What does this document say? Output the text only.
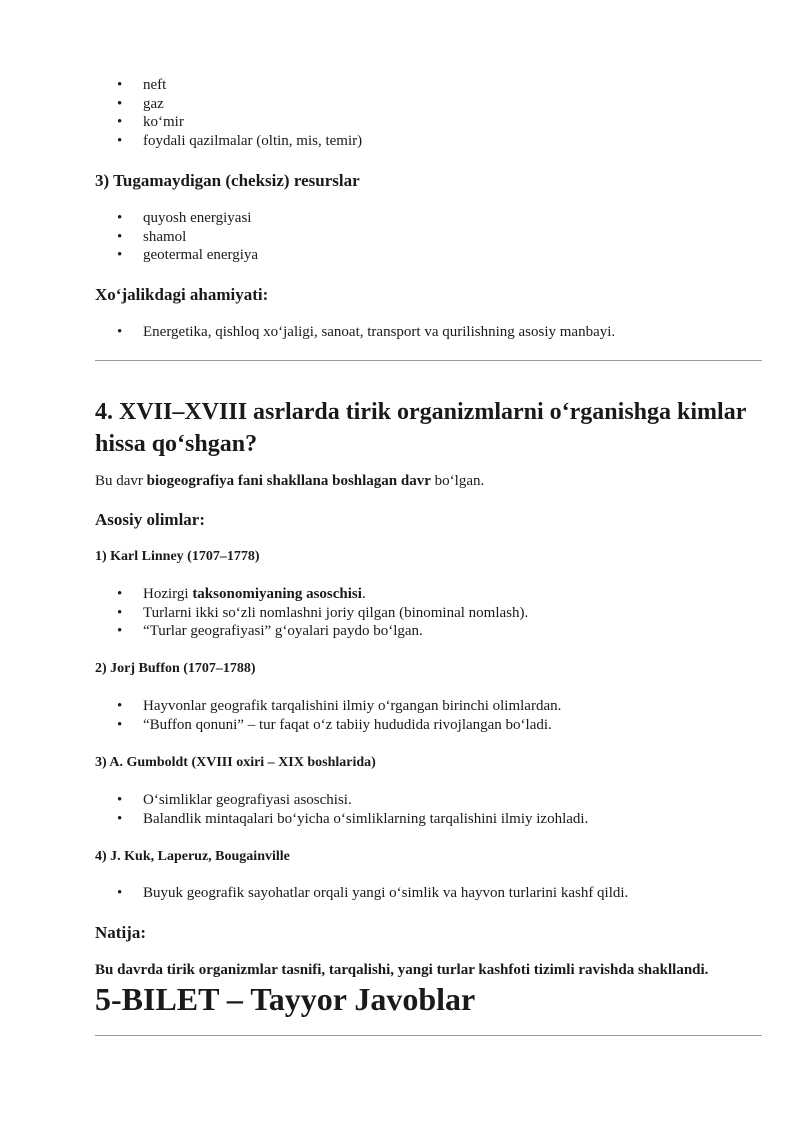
• neft
• gaz
• ko‘mir
• foydali qazilmalar (oltin, mis, temir)
3) Tugamaydigan (cheksiz) resurslar
• quyosh energiyasi
• shamol
• geotermal energiya
Xo‘jalikdagi ahamiyati:
• Energetika, qishloq xo‘jaligi, sanoat, transport va qurilishning asosiy manbayi.
4. XVII–XVIII asrlarda tirik organizmlarni o‘rganishga kimlar hissa qo‘shgan?

Bu davr biogeografiya fani shakllana boshlagan davr bo‘lgan.

Asosiy olimlar:
1) Karl Linney (1707–1778)
• Hozirgi taksonomiyaning asoschisi.
• Turlarni ikki so‘zli nomlashni joriy qilgan (binominal nomlash).
• “Turlar geografiyasi” g‘oyalari paydo bo‘lgan.
2) Jorj Buffon (1707–1788)
• Hayvonlar geografik tarqalishini ilmiy o‘rgangan birinchi olimlardan.
• “Buffon qonuni” – tur faqat o‘z tabiiy hududida rivojlangan bo‘ladi.
3) A. Gumboldt (XVIII oxiri – XIX boshlarida)
• O‘simliklar geografiyasi asoschisi.
• Balandlik mintaqalari bo‘yicha o‘simliklarning tarqalishini ilmiy izohladi.
4) J. Kuk, Laperuz, Bougainville
• Buyuk geografik sayohatlar orqali yangi o‘simlik va hayvon turlarini kashf qildi.
Natija:

Bu davrda tirik organizmlar tasnifi, tarqalishi, yangi turlar kashfoti tizimli ravishda shakllandi.

5-BILET – Tayyor Javoblar
